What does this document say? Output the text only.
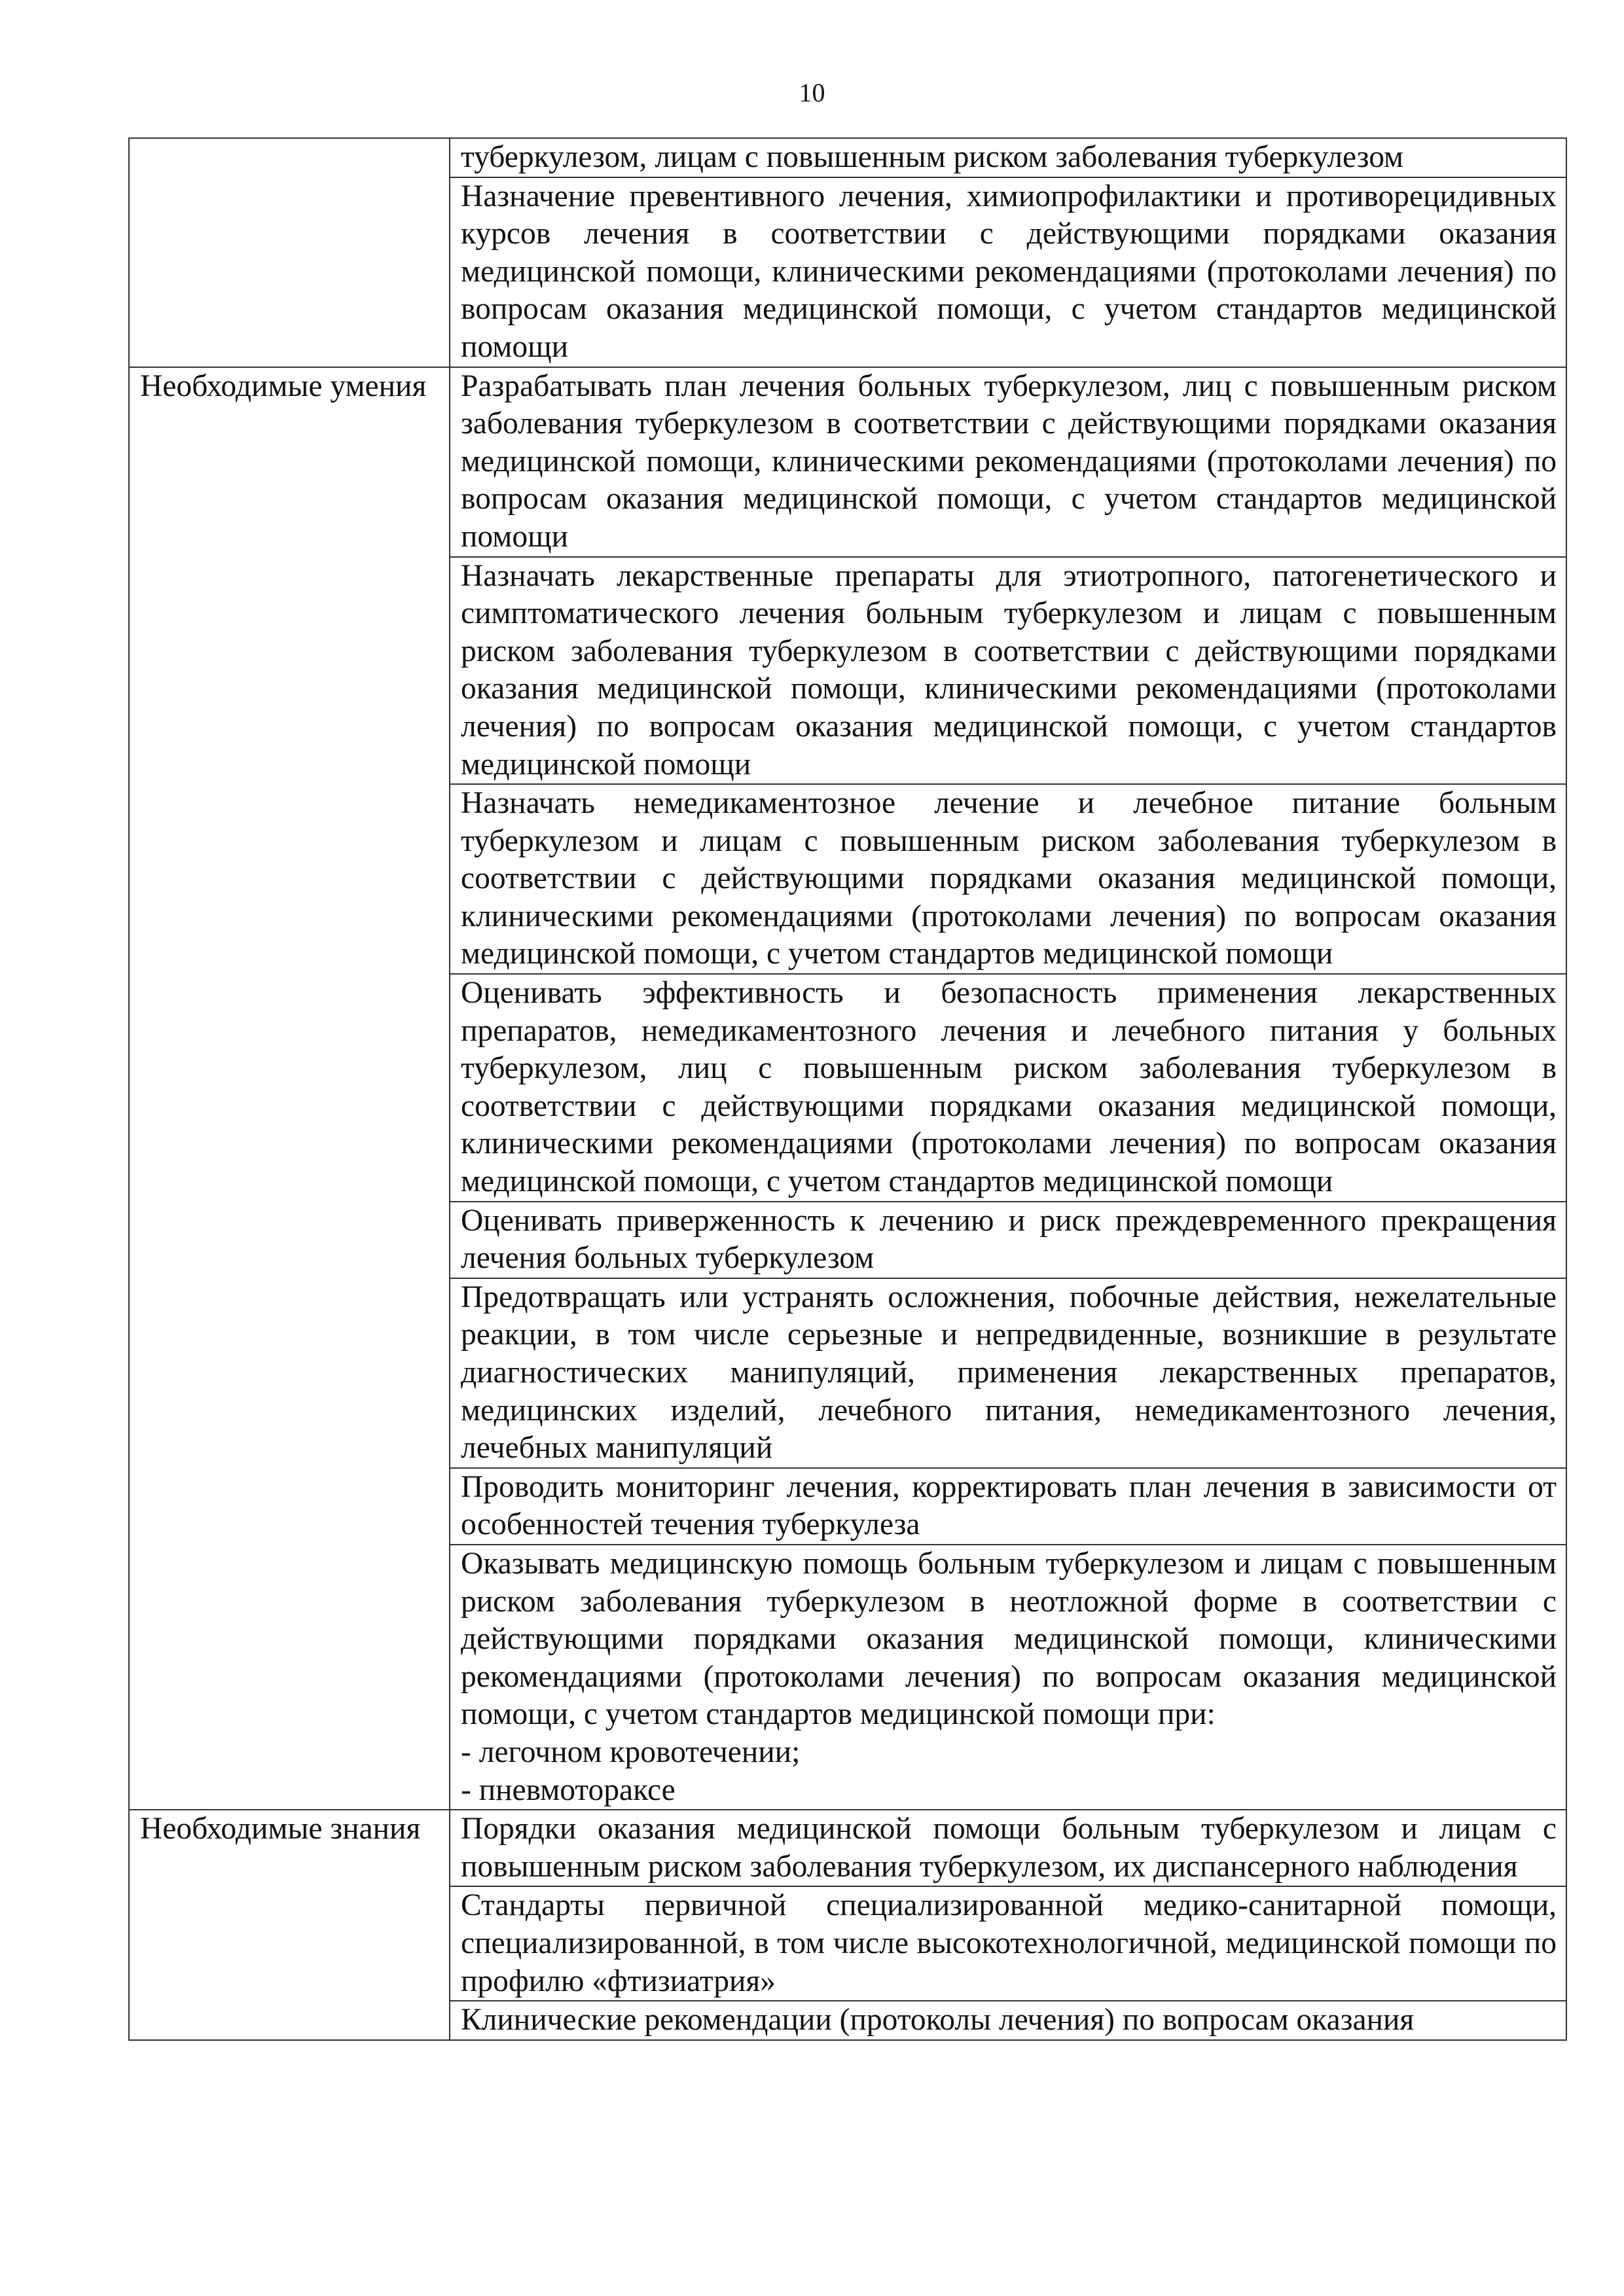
10
	туберкулезом, лицам с повышенным риском заболевания туберкулезом
	Назначение превентивного лечения, химиопрофилактики и противорецидивных курсов лечения в соответствии с действующими порядками оказания медицинской помощи, клиническими рекомендациями (протоколами лечения) по вопросам оказания медицинской помощи, с учетом стандартов медицинской помощи
Необходимые умения	Разрабатывать план лечения больных туберкулезом, лиц с повышенным риском заболевания туберкулезом в соответствии с действующими порядками оказания медицинской помощи, клиническими рекомендациями (протоколами лечения) по вопросам оказания медицинской помощи, с учетом стандартов медицинской помощи
	Назначать лекарственные препараты для этиотропного, патогенетического и симптоматического лечения больным туберкулезом и лицам с повышенным риском заболевания туберкулезом в соответствии с действующими порядками оказания медицинской помощи, клиническими рекомендациями (протоколами лечения) по вопросам оказания медицинской помощи, с учетом стандартов медицинской помощи
	Назначать немедикаментозное лечение и лечебное питание больным туберкулезом и лицам с повышенным риском заболевания туберкулезом в соответствии с действующими порядками оказания медицинской помощи, клиническими рекомендациями (протоколами лечения) по вопросам оказания медицинской помощи, с учетом стандартов медицинской помощи
	Оценивать эффективность и безопасность применения лекарственных препаратов, немедикаментозного лечения и лечебного питания у больных туберкулезом, лиц с повышенным риском заболевания туберкулезом в соответствии с действующими порядками оказания медицинской помощи, клиническими рекомендациями (протоколами лечения) по вопросам оказания медицинской помощи, с учетом стандартов медицинской помощи
	Оценивать приверженность к лечению и риск преждевременного прекращения лечения больных туберкулезом
	Предотвращать или устранять осложнения, побочные действия, нежелательные реакции, в том числе серьезные и непредвиденные, возникшие в результате диагностических манипуляций, применения лекарственных препаратов, медицинских изделий, лечебного питания, немедикаментозного лечения, лечебных манипуляций
	Проводить мониторинг лечения, корректировать план лечения в зависимости от особенностей течения туберкулеза

	Оказывать медицинскую помощь больным туберкулезом и лицам с повышенным риском заболевания туберкулезом в неотложной форме в соответствии с действующими порядками оказания медицинской помощи, клиническими рекомендациями (протоколами лечения) по вопросам оказания медицинской помощи, с учетом стандартов медицинской помощи при:
- легочном кровотечении;
- пневмотораксе

Необходимые знания	Порядки оказания медицинской помощи больным туберкулезом и лицам с повышенным риском заболевания туберкулезом, их диспансерного наблюдения
	Стандарты первичной специализированной медико-санитарной помощи, специализированной, в том числе высокотехнологичной, медицинской помощи по профилю «фтизиатрия»
	Клинические рекомендации (протоколы лечения) по вопросам оказания
